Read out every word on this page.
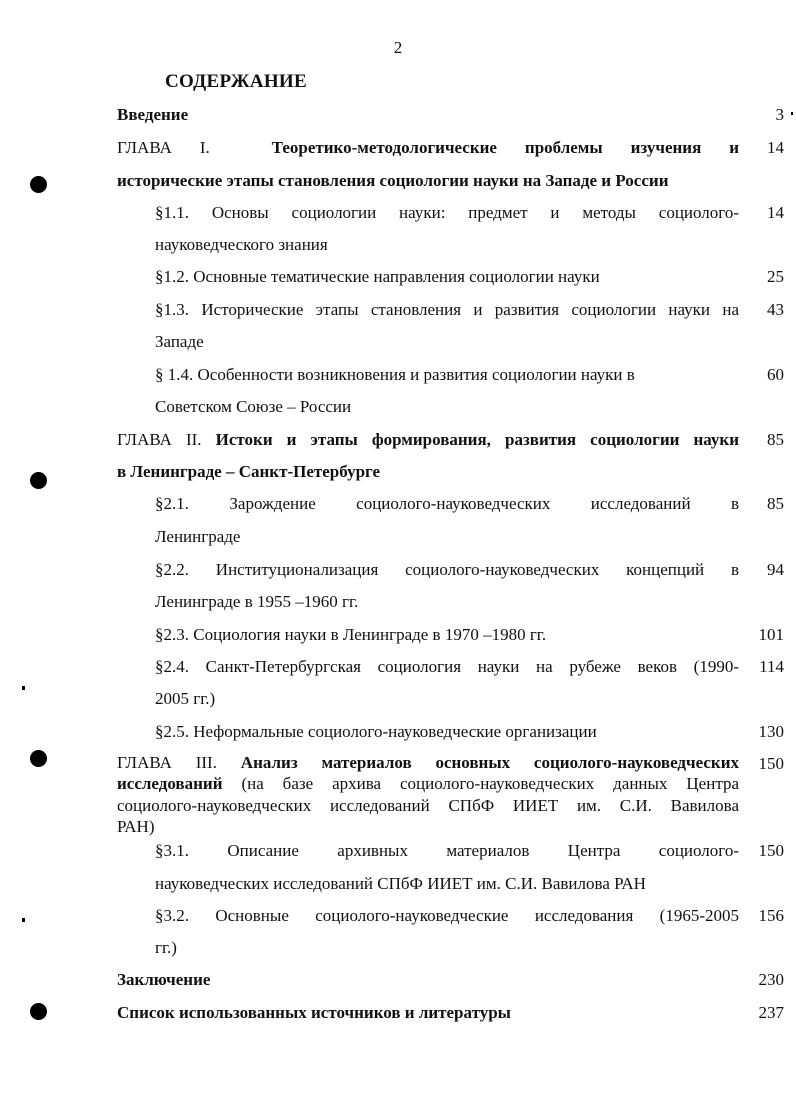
2
СОДЕРЖАНИЕ
Введение	3
ГЛАВА I.	Теоретико-методологические проблемы изучения и
исторические этапы становления социологии науки на Западе и России
14
§1.1. Основы социологии науки: предмет и методы социолого-
науковедческого знания
14
§1.2. Основные тематические направления социологии науки	25
§1.3. Исторические этапы становления и развития социологии науки на
Западе
43
§ 1.4. Особенности возникновения и развития социологии науки в
Советском Союзе – России
60
ГЛАВА II. Истоки и этапы формирования, развития социологии науки
в Ленинграде – Санкт-Петербурге
85
§2.1. Зарождение социолого-науковедческих исследований в
Ленинграде
85
§2.2. Институционализация социолого-науковедческих концепций в
Ленинграде в 1955 –1960 гг.
94
§2.3. Социология науки в Ленинграде в 1970 –1980 гг.	101
§2.4. Санкт-Петербургская социология науки на рубеже веков (1990-
2005 гг.)
114
§2.5. Неформальные социолого-науковедческие организации	130
ГЛАВА III. Анализ материалов основных социолого-науковедческих
исследований (на базе архива социолого-науковедческих данных Центра
социолого-науковедческих исследований СПбФ ИИЕТ им. С.И. Вавилова
РАН)
150
§3.1. Описание архивных материалов Центра социолого-
науковедческих исследований СПбФ ИИЕТ им. С.И. Вавилова РАН
150
§3.2. Основные социолого-науковедческие исследования (1965-2005
гг.)
156
Заключение	230
Список использованных источников и литературы	237
